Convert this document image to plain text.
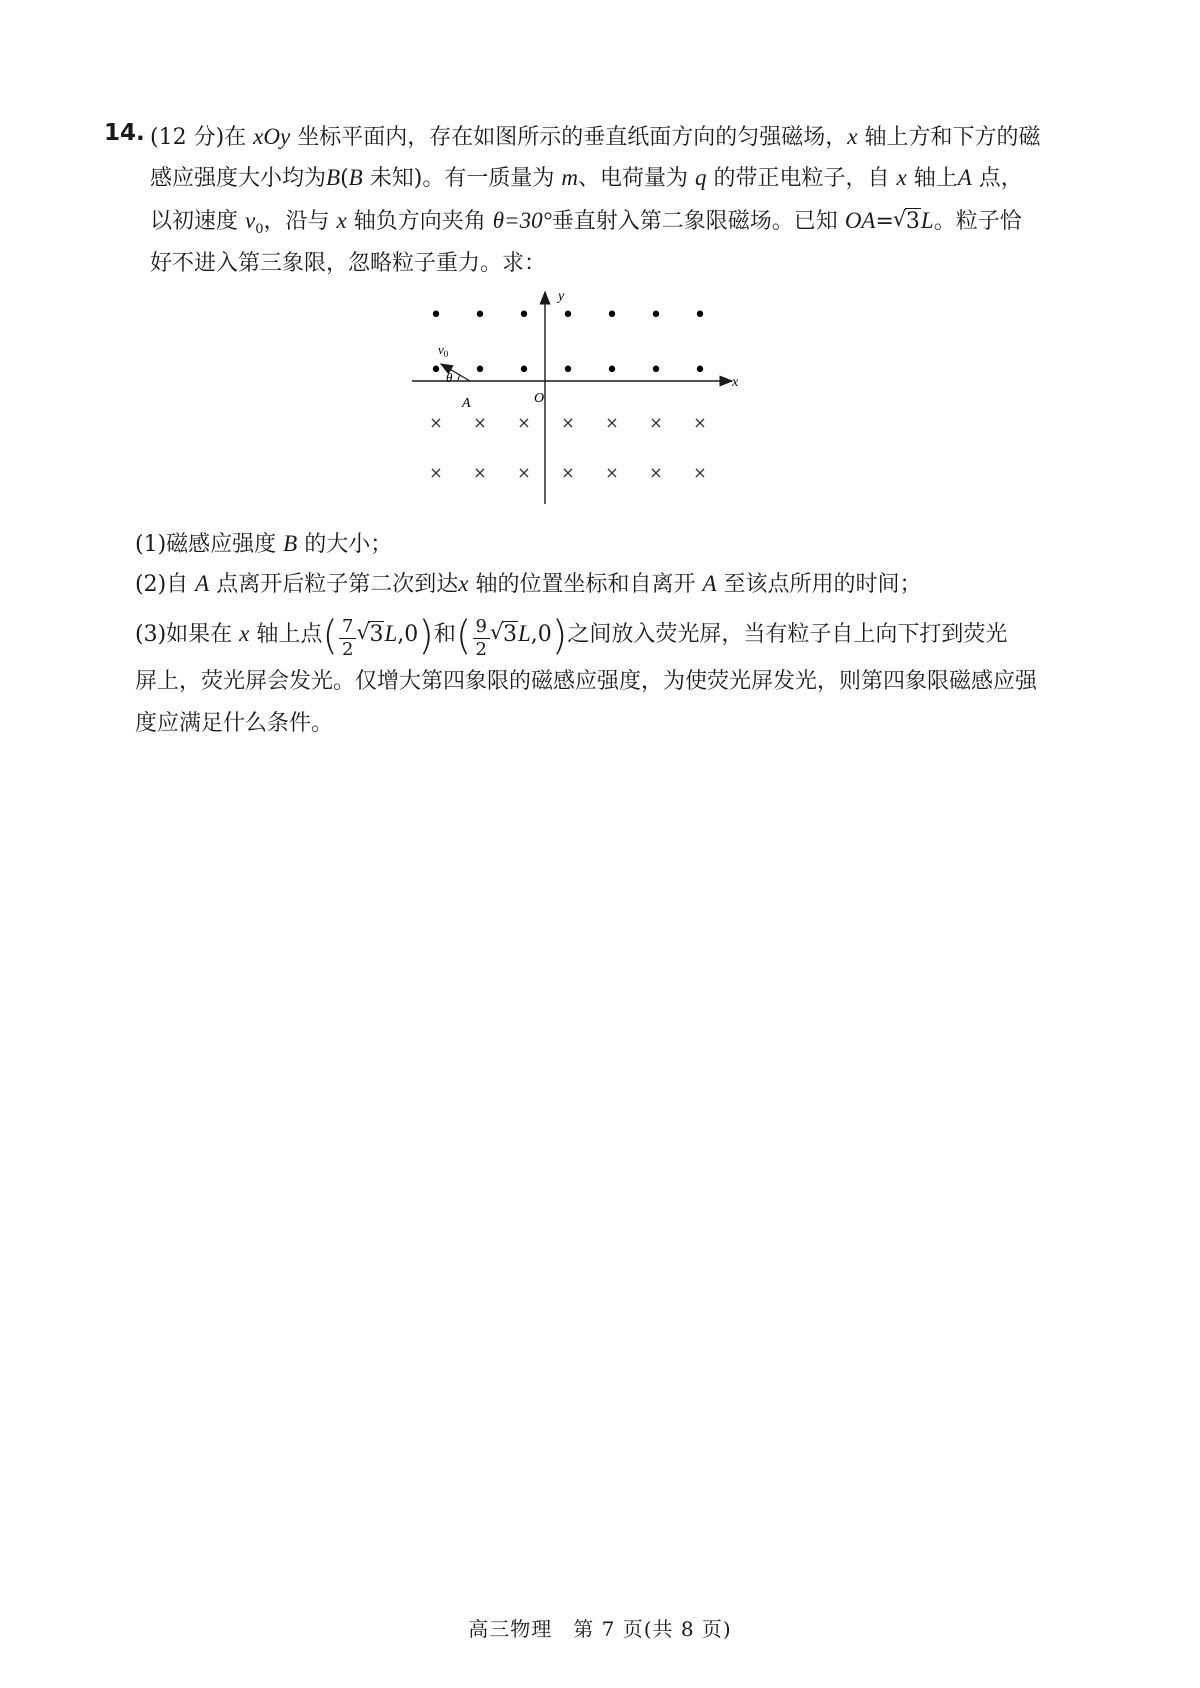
14. (12 分)在 xOy 坐标平面内，存在如图所示的垂直纸面方向的匀强磁场，x 轴上方和下方的磁
感应强度大小均为B(B 未知)。有一质量为 m、电荷量为 q 的带正电粒子，自 x 轴上A 点，
以初速度 $v_0$，沿与 x 轴负方向夹角 θ=30°垂直射入第二象限磁场。已知 OA= √ 3L。粒子恰
好不进入第三象限，忽略粒子重力。求：
y
x
O
A
$v_0$
θ
• • • • • • •
• • • • • • •
× × × × × × ×
× × × × × × ×
(1)磁感应强度 B 的大小；
(2)自 A 点离开后粒子第二次到达x 轴的位置坐标和自离开 A 至该点所用的时间；
(3)如果在 x 轴上点( $\frac{7}{2}$ √ 3L,0)和( $\frac{9}{2}$ √ 3L,0)之间放入荧光屏，当有粒子自上向下打到荧光
屏上，荧光屏会发光。仅增大第四象限的磁感应强度，为使荧光屏发光，则第四象限磁感应强
度应满足什么条件。
高三物理　第 7 页(共 8 页)
